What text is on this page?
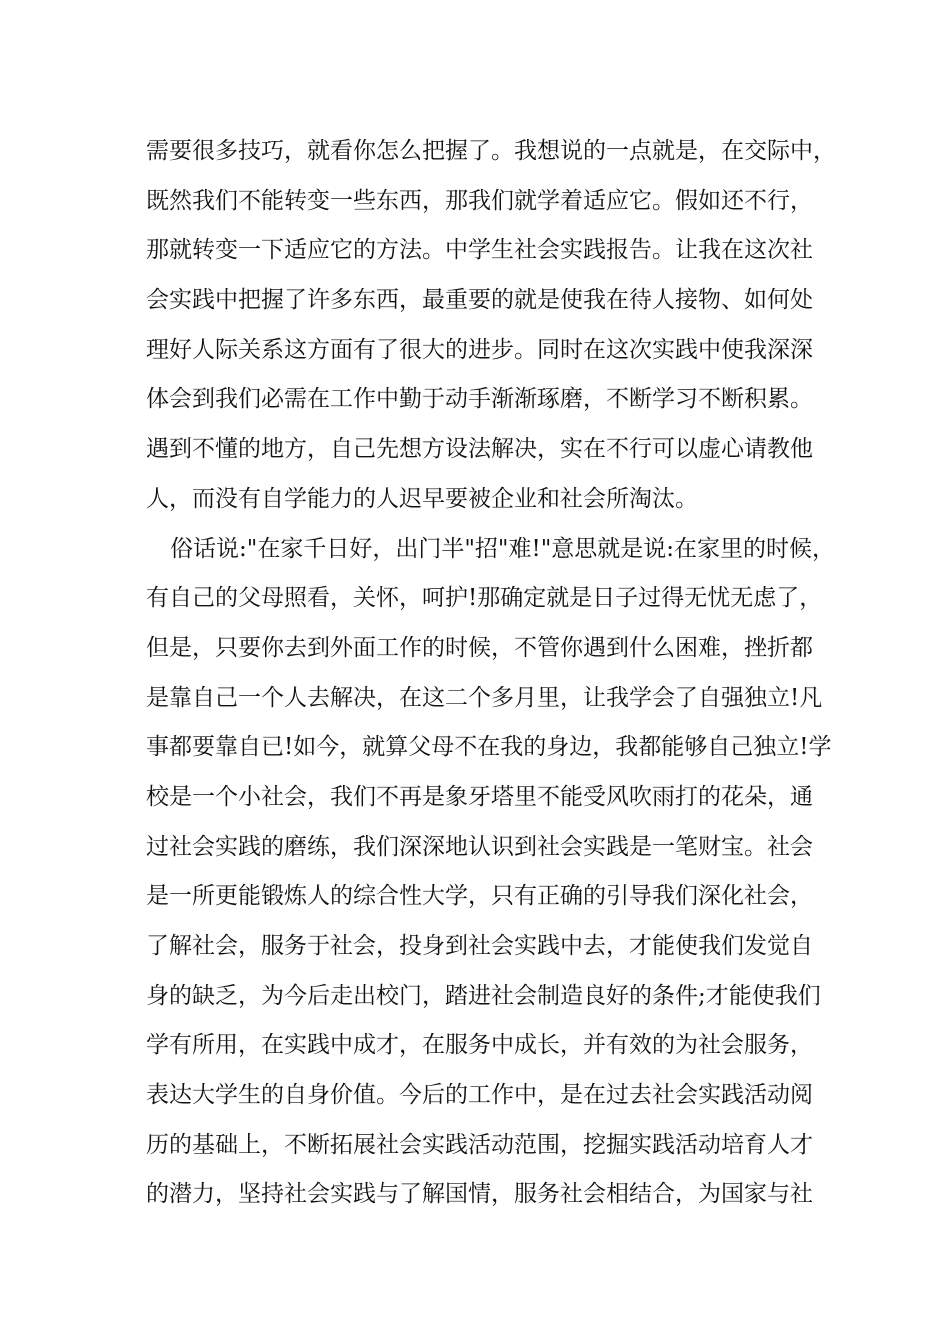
需要很多技巧，就看你怎么把握了。我想说的一点就是，在交际中，
既然我们不能转变一些东西，那我们就学着适应它。假如还不行，
那就转变一下适应它的方法。中学生社会实践报告。让我在这次社
会实践中把握了许多东西，最重要的就是使我在待人接物、如何处
理好人际关系这方面有了很大的进步。同时在这次实践中使我深深
体会到我们必需在工作中勤于动手渐渐琢磨，不断学习不断积累。
遇到不懂的地方，自己先想方设法解决，实在不行可以虚心请教他
人，而没有自学能力的人迟早要被企业和社会所淘汰。
俗话说:"在家千日好，出门半"招"难!"意思就是说:在家里的时候，
有自己的父母照看，关怀，呵护!那确定就是日子过得无忧无虑了，
但是，只要你去到外面工作的时候，不管你遇到什么困难，挫折都
是靠自己一个人去解决，在这二个多月里，让我学会了自强独立!凡
事都要靠自已!如今，就算父母不在我的身边，我都能够自己独立!学
校是一个小社会，我们不再是象牙塔里不能受风吹雨打的花朵，通
过社会实践的磨练，我们深深地认识到社会实践是一笔财宝。社会
是一所更能锻炼人的综合性大学，只有正确的引导我们深化社会，
了解社会，服务于社会，投身到社会实践中去，才能使我们发觉自
身的缺乏，为今后走出校门，踏进社会制造良好的条件;才能使我们
学有所用，在实践中成才，在服务中成长，并有效的为社会服务，
表达大学生的自身价值。今后的工作中，是在过去社会实践活动阅
历的基础上，不断拓展社会实践活动范围，挖掘实践活动培育人才
的潜力，坚持社会实践与了解国情，服务社会相结合，为国家与社
